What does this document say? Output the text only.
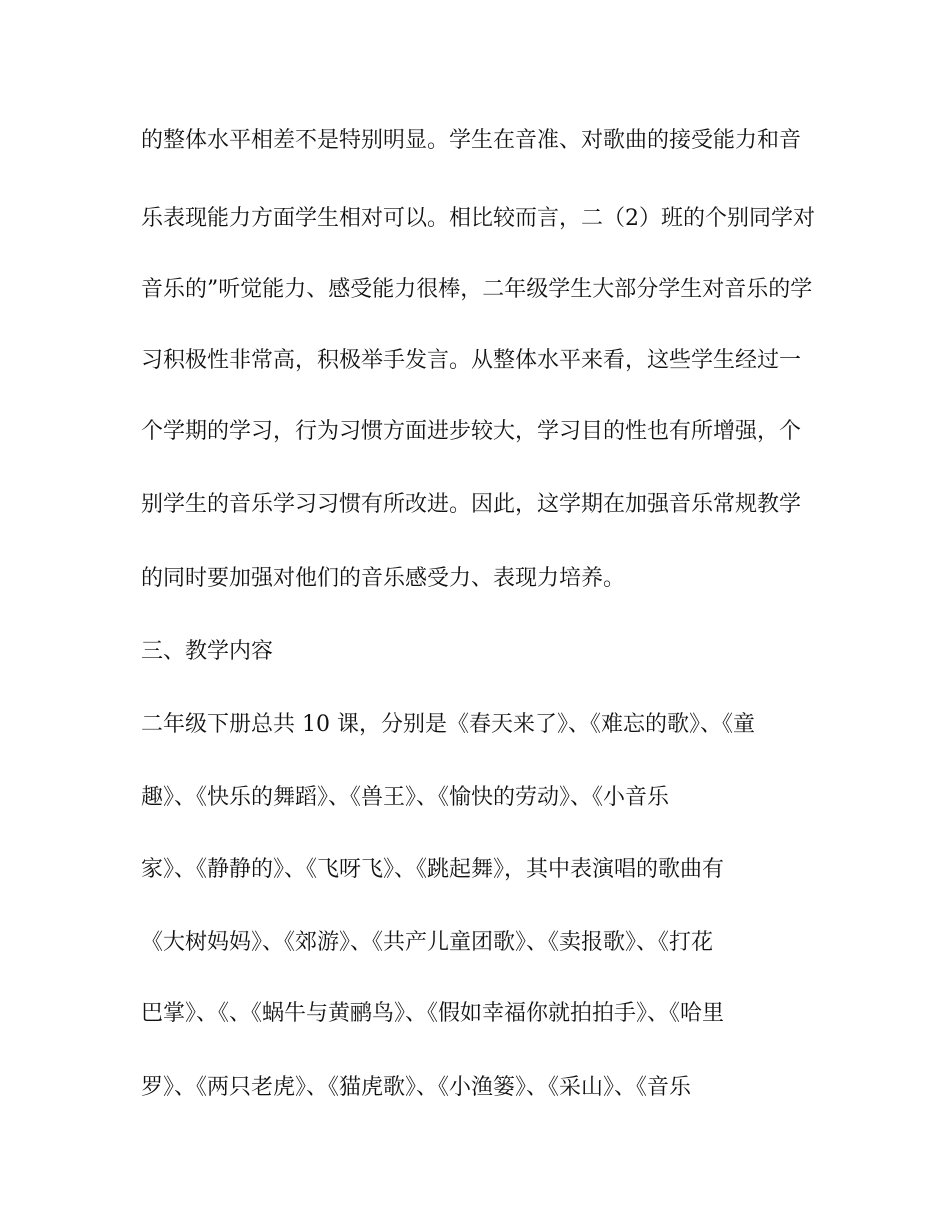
的整体水平相差不是特别明显。学生在音准、对歌曲的接受能力和音
乐表现能力方面学生相对可以。相比较而言，二（2）班的个别同学对
音乐的”听觉能力、感受能力很棒，二年级学生大部分学生对音乐的学
习积极性非常高，积极举手发言。从整体水平来看，这些学生经过一
个学期的学习，行为习惯方面进步较大，学习目的性也有所增强，个
别学生的音乐学习习惯有所改进。因此，这学期在加强音乐常规教学
的同时要加强对他们的音乐感受力、表现力培养。
三、教学内容
二年级下册总共 10 课，分别是《春天来了》、《难忘的歌》、《童
趣》、《快乐的舞蹈》、《兽王》、《愉快的劳动》、《小音乐
家》、《静静的》、《飞呀飞》、《跳起舞》，其中表演唱的歌曲有
《大树妈妈》、《郊游》、《共产儿童团歌》、《卖报歌》、《打花
巴掌》、《、《蜗牛与黄鹂鸟》、《假如幸福你就拍拍手》、《哈里
罗》、《两只老虎》、《猫虎歌》、《小渔篓》、《采山》、《音乐
